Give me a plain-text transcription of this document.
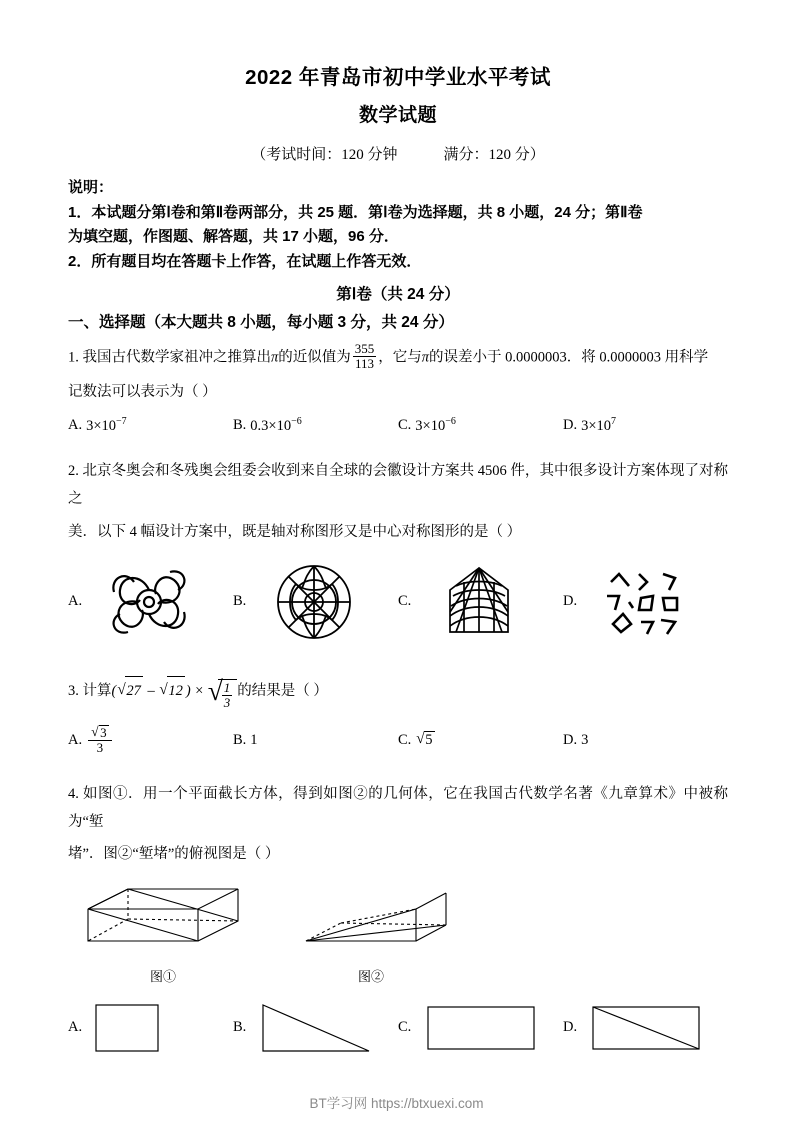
2022 年青岛市初中学业水平考试
数学试题
（考试时间：120 分钟	满分：120 分）
说明：
1．本试题分第Ⅰ卷和第Ⅱ卷两部分，共 25 题．第Ⅰ卷为选择题，共 8 小题，24 分；第Ⅱ卷
为填空题，作图题、解答题，共 17 小题，96 分．
2．所有题目均在答题卡上作答，在试题上作答无效．
第Ⅰ卷（共 24 分）
一、选择题（本大题共 8 小题，每小题 3 分，共 24 分）
1. 我国古代数学家祖冲之推算出π的近似值为 $\frac{355}{113}$ ，它与π的误差小于 0.0000003．将 0.0000003 用科学
记数法可以表示为（ ）
A. $3\times 10^{-7}$	B. $0.3\times 10^{-6}$	C. $3\times 10^{-6}$	D. $3\times 10^7$
2. 北京冬奥会和冬残奥会组委会收到来自全球的会徽设计方案共 4506 件，其中很多设计方案体现了对称之
美．以下 4 幅设计方案中，既是轴对称图形又是中心对称图形的是（ ）
A.	B.	C.	D.
3. 计算( √ 27 – √ 12 ) × √ $\frac{1}{3}$ 的结果是（ ）
A. √ $\frac{3}{3}$	B. 1	C. √ 5	D. 3
4. 如图①．用一个平面截长方体，得到如图②的几何体，它在我国古代数学名著《九章算术》中被称为“堑
堵”．图②“堑堵”的俯视图是（ ）
图①	图②
A.	B.	C.	D.
BT学习网 https://btxuexi.com
